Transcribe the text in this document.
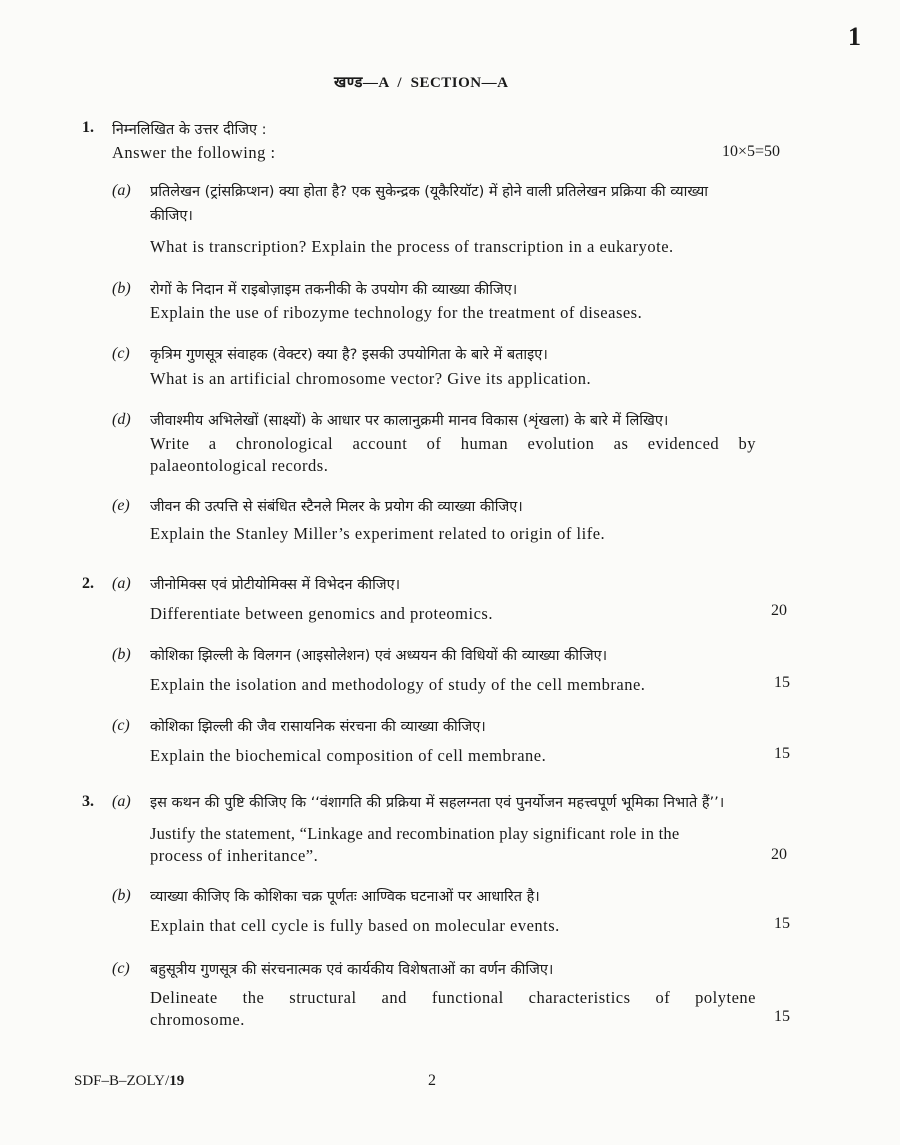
1
खण्ड—A  /  SECTION—A
1. निम्नलिखित के उत्तर दीजिए :
Answer the following :	10×5=50
(a) प्रतिलेखन (ट्रांसक्रिप्शन) क्या होता है? एक सुकेन्द्रक (यूकैरियॉट) में होने वाली प्रतिलेखन प्रक्रिया की व्याख्या
कीजिए।
What is transcription? Explain the process of transcription in a eukaryote.
(b) रोगों के निदान में राइबोज़ाइम तकनीकी के उपयोग की व्याख्या कीजिए।
Explain the use of ribozyme technology for the treatment of diseases.
(c) कृत्रिम गुणसूत्र संवाहक (वेक्टर) क्या है? इसकी उपयोगिता के बारे में बताइए।
What is an artificial chromosome vector? Give its application.
(d) जीवाश्मीय अभिलेखों (साक्ष्यों) के आधार पर कालानुक्रमी मानव विकास (शृंखला) के बारे में लिखिए।
Write a chronological account of human evolution as evidenced by
palaeontological records.
(e) जीवन की उत्पत्ति से संबंधित स्टैनले मिलर के प्रयोग की व्याख्या कीजिए।
Explain the Stanley Miller’s experiment related to origin of life.
2. (a) जीनोमिक्स एवं प्रोटीयोमिक्स में विभेदन कीजिए।
Differentiate between genomics and proteomics.	20
(b) कोशिका झिल्ली के विलगन (आइसोलेशन) एवं अध्ययन की विधियों की व्याख्या कीजिए।
Explain the isolation and methodology of study of the cell membrane.	15
(c) कोशिका झिल्ली की जैव रासायनिक संरचना की व्याख्या कीजिए।
Explain the biochemical composition of cell membrane.	15
3. (a) इस कथन की पुष्टि कीजिए कि ‘‘वंशागति की प्रक्रिया में सहलग्नता एवं पुनर्योजन महत्त्वपूर्ण भूमिका निभाते हैं’’।
Justify the statement, “Linkage and recombination play significant role in the
process of inheritance”.	20
(b) व्याख्या कीजिए कि कोशिका चक्र पूर्णतः आण्विक घटनाओं पर आधारित है।
Explain that cell cycle is fully based on molecular events.	15
(c) बहुसूत्रीय गुणसूत्र की संरचनात्मक एवं कार्यकीय विशेषताओं का वर्णन कीजिए।
Delineate the structural and functional characteristics of polytene
chromosome.	15
SDF–B–ZOLY/19	2
